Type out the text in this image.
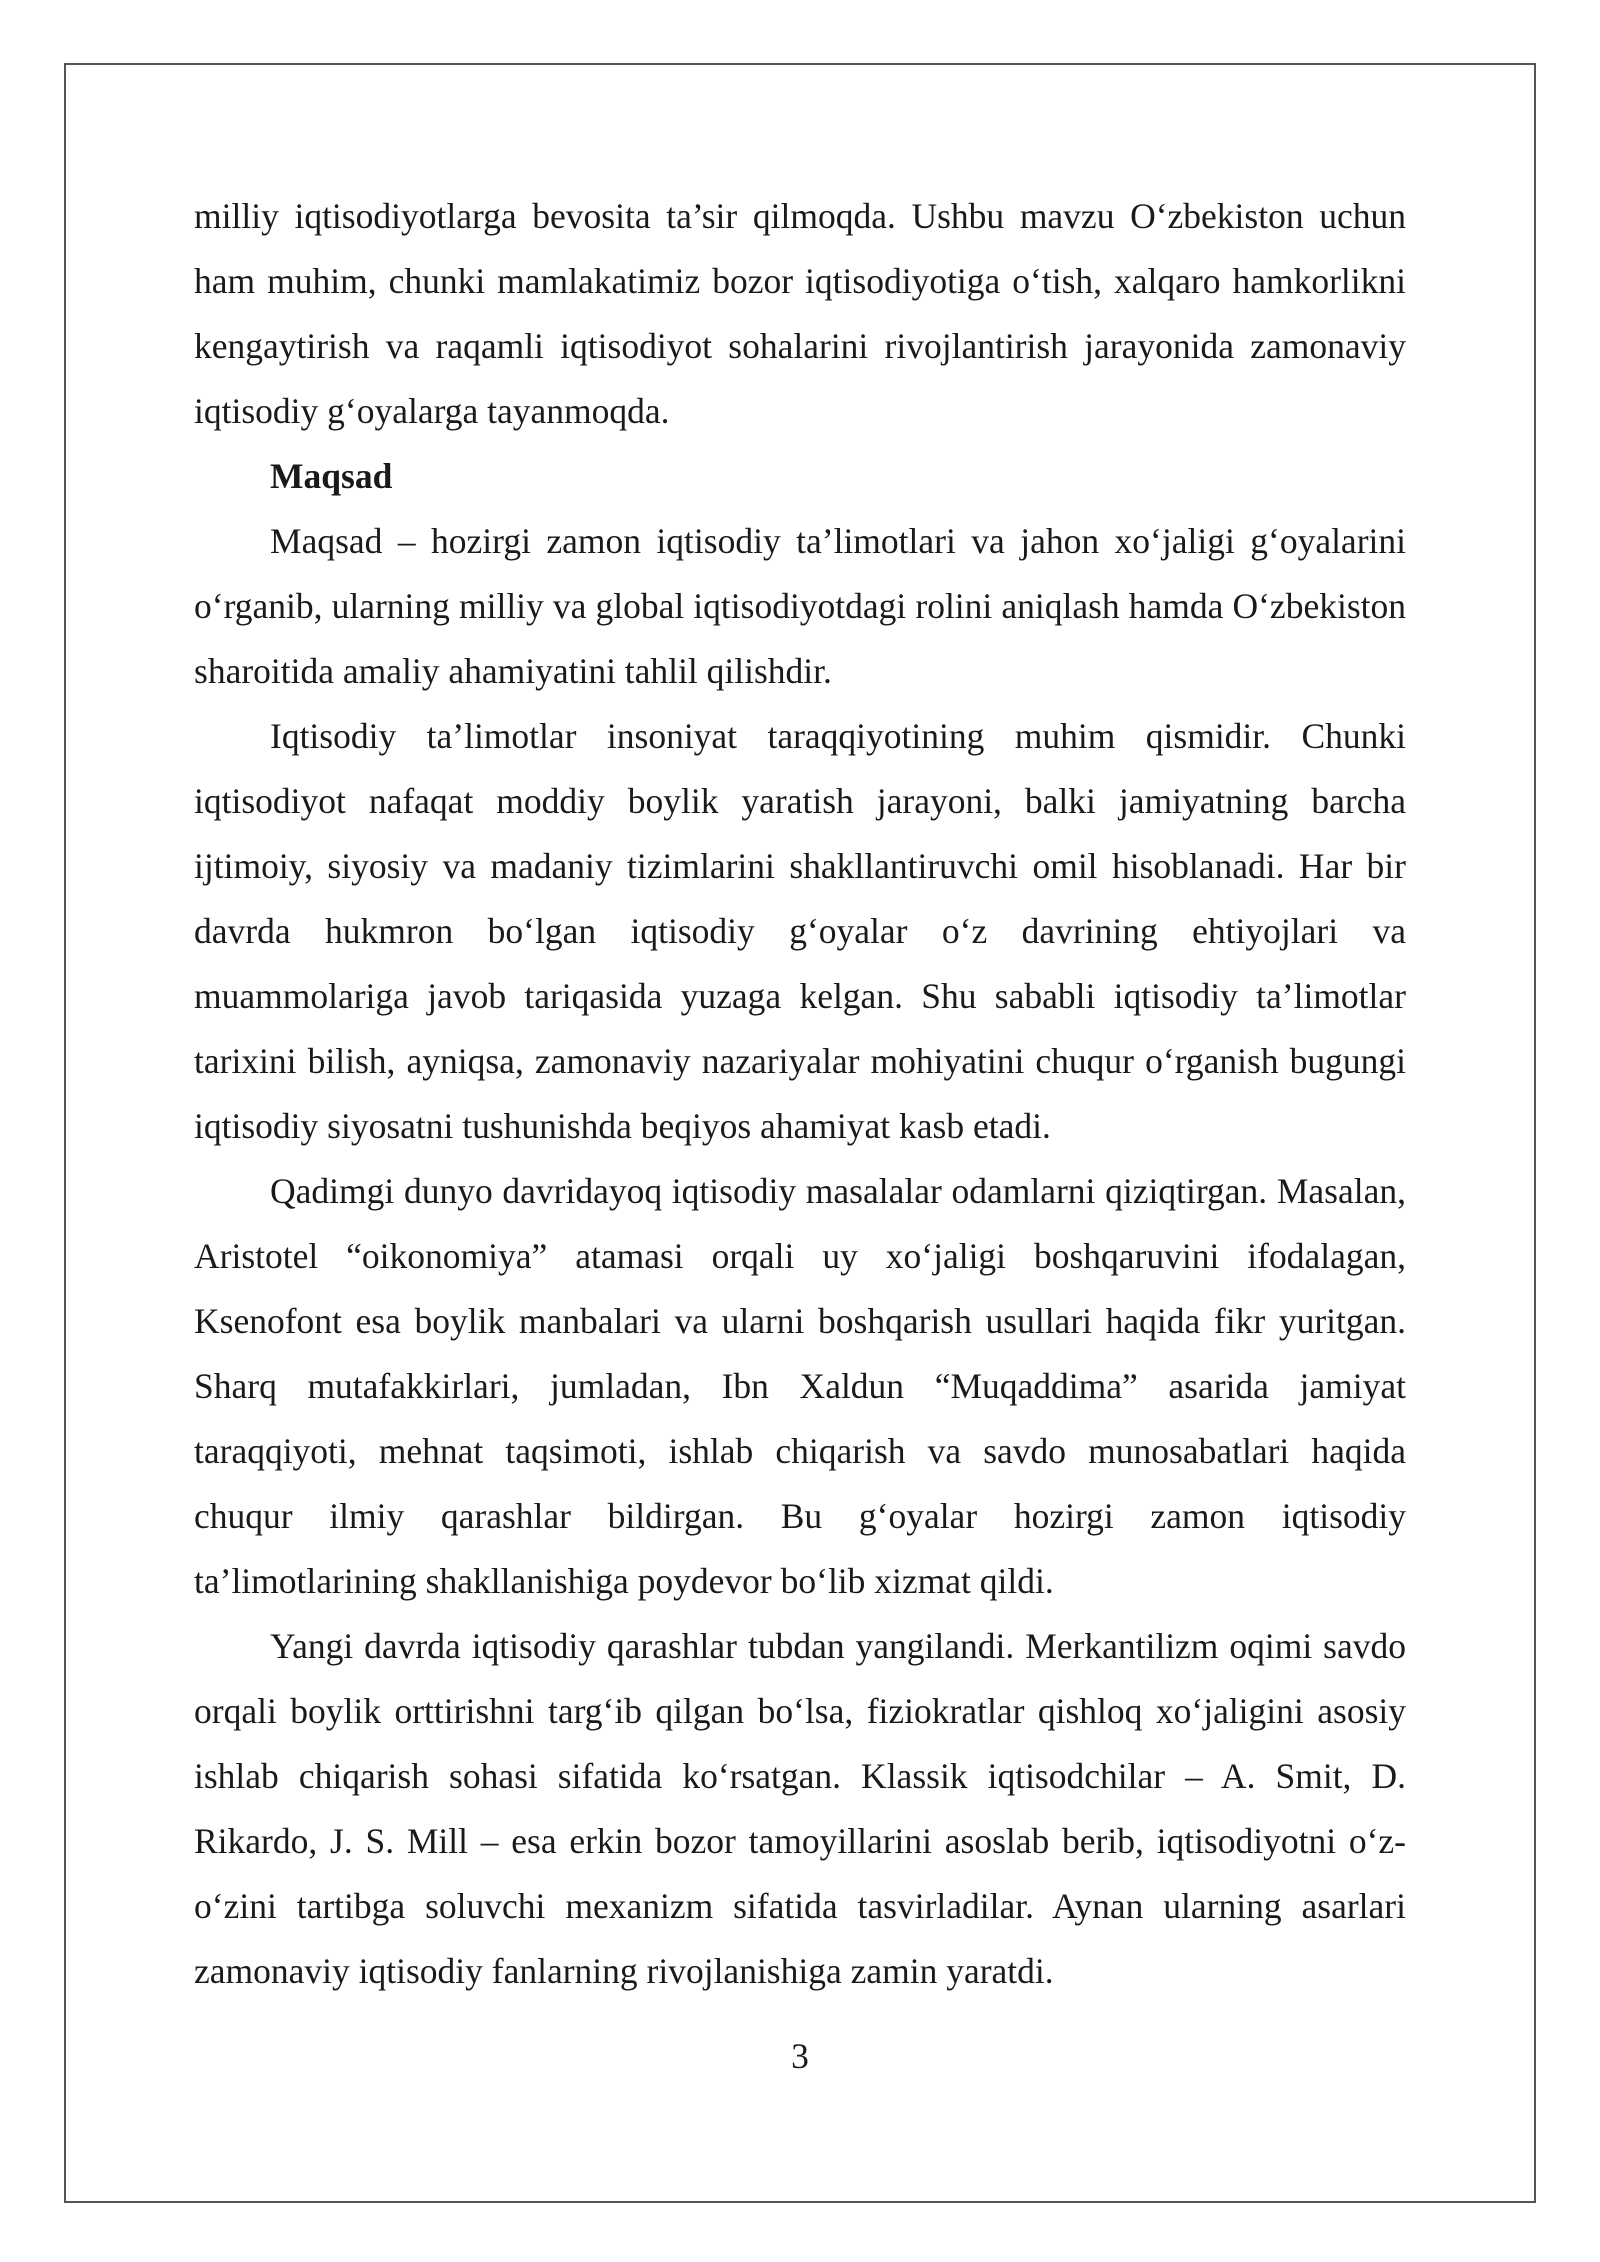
milliy iqtisodiyotlarga bevosita ta’sir qilmoqda. Ushbu mavzu O‘zbekiston uchun ham muhim, chunki mamlakatimiz bozor iqtisodiyotiga o‘tish, xalqaro hamkorlikni kengaytirish va raqamli iqtisodiyot sohalarini rivojlantirish jarayonida zamonaviy iqtisodiy g‘oyalarga tayanmoqda.

Maqsad

Maqsad – hozirgi zamon iqtisodiy ta’limotlari va jahon xo‘jaligi g‘oyalarini o‘rganib, ularning milliy va global iqtisodiyotdagi rolini aniqlash hamda O‘zbekiston sharoitida amaliy ahamiyatini tahlil qilishdir.

Iqtisodiy ta’limotlar insoniyat taraqqiyotining muhim qismidir. Chunki iqtisodiyot nafaqat moddiy boylik yaratish jarayoni, balki jamiyatning barcha ijtimoiy, siyosiy va madaniy tizimlarini shakllantiruvchi omil hisoblanadi. Har bir davrda hukmron bo‘lgan iqtisodiy g‘oyalar o‘z davrining ehtiyojlari va muammolariga javob tariqasida yuzaga kelgan. Shu sababli iqtisodiy ta’limotlar tarixini bilish, ayniqsa, zamonaviy nazariyalar mohiyatini chuqur o‘rganish bugungi iqtisodiy siyosatni tushunishda beqiyos ahamiyat kasb etadi.

Qadimgi dunyo davridayoq iqtisodiy masalalar odamlarni qiziqtirgan. Masalan, Aristotel “oikonomiya” atamasi orqali uy xo‘jaligi boshqaruvini ifodalagan, Ksenofont esa boylik manbalari va ularni boshqarish usullari haqida fikr yuritgan. Sharq mutafakkirlari, jumladan, Ibn Xaldun “Muqaddima” asarida jamiyat taraqqiyoti, mehnat taqsimoti, ishlab chiqarish va savdo munosabatlari haqida chuqur ilmiy qarashlar bildirgan. Bu g‘oyalar hozirgi zamon iqtisodiy ta’limotlarining shakllanishiga poydevor bo‘lib xizmat qildi.

Yangi davrda iqtisodiy qarashlar tubdan yangilandi. Merkantilizm oqimi savdo orqali boylik orttirishni targ‘ib qilgan bo‘lsa, fiziokratlar qishloq xo‘jaligini asosiy ishlab chiqarish sohasi sifatida ko‘rsatgan. Klassik iqtisodchilar – A. Smit, D. Rikardo, J. S. Mill – esa erkin bozor tamoyillarini asoslab berib, iqtisodiyotni o‘z-o‘zini tartibga soluvchi mexanizm sifatida tasvirladilar. Aynan ularning asarlari zamonaviy iqtisodiy fanlarning rivojlanishiga zamin yaratdi.

3
